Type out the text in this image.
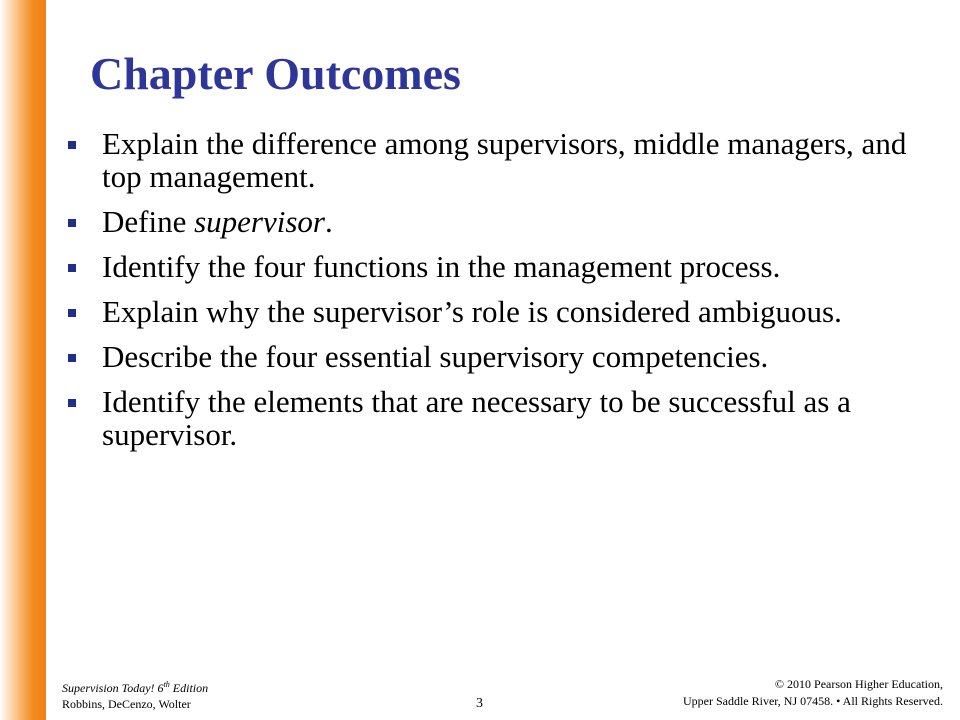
Chapter Outcomes
Explain the difference among supervisors, middle managers, and top management.
Define supervisor.
Identify the four functions in the management process.
Explain why the supervisor’s role is considered ambiguous.
Describe the four essential supervisory competencies.
Identify the elements that are necessary to be successful as a supervisor.
Supervision Today! 6th Edition
Robbins, DeCenzo, Wolter	3
© 2010 Pearson Higher Education,
Upper Saddle River, NJ 07458. • All Rights Reserved.
